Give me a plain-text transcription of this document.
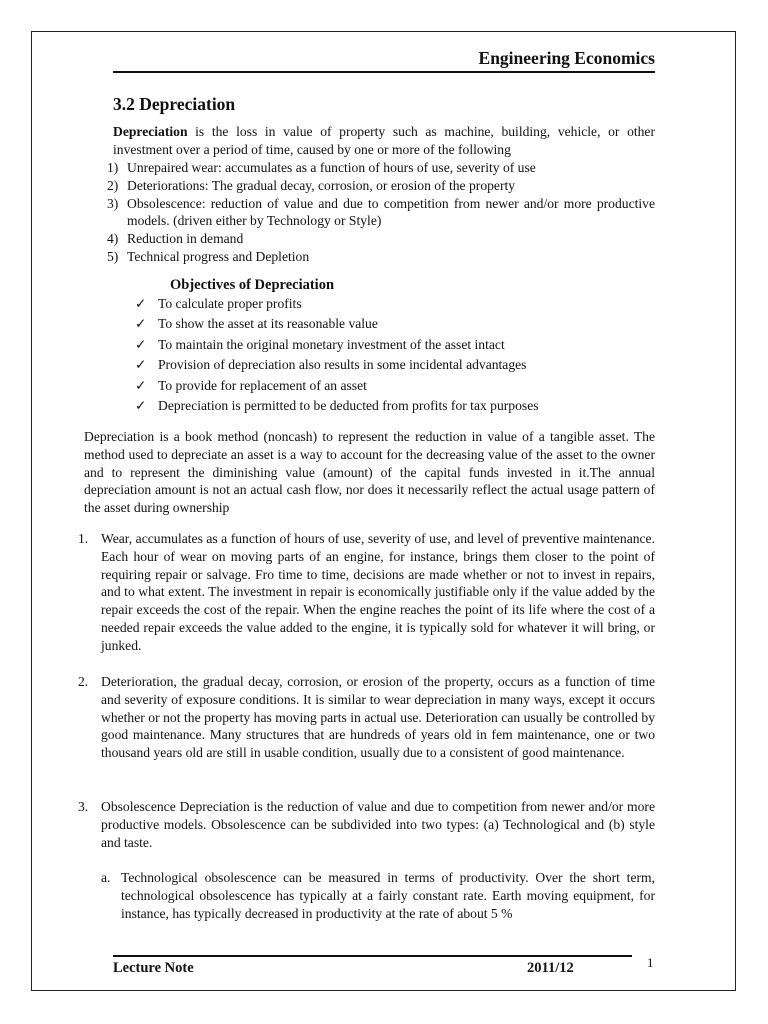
Engineering Economics
3.2 Depreciation

Depreciation is the loss in value of property such as machine, building, vehicle, or other investment over a period of time, caused by one or more of the following

1) Unrepaired wear: accumulates as a function of hours of use, severity of use
2) Deteriorations: The gradual decay, corrosion, or erosion of the property
3) Obsolescence: reduction of value and due to competition from newer and/or more productive models. (driven either by Technology or Style)
4) Reduction in demand
5) Technical progress and Depletion
Objectives of Depreciation
✓ To calculate proper profits
✓ To show the asset at its reasonable value
✓ To maintain the original monetary investment of the asset intact
✓ Provision of depreciation also results in some incidental advantages
✓ To provide for replacement of an asset
✓ Depreciation is permitted to be deducted from profits for tax purposes

Depreciation is a book method (noncash) to represent the reduction in value of a tangible asset. The method used to depreciate an asset is a way to account for the decreasing value of the asset to the owner and to represent the diminishing value (amount) of the capital funds invested in it.The annual depreciation amount is not an actual cash flow, nor does it necessarily reflect the actual usage pattern of the asset during ownership

1. Wear, accumulates as a function of hours of use, severity of use, and level of preventive maintenance. Each hour of wear on moving parts of an engine, for instance, brings them closer to the point of requiring repair or salvage. Fro time to time, decisions are made whether or not to invest in repairs, and to what extent. The investment in repair is economically justifiable only if the value added by the repair exceeds the cost of the repair. When the engine reaches the point of its life where the cost of a needed repair exceeds the value added to the engine, it is typically sold for whatever it will bring, or junked.
2. Deterioration, the gradual decay, corrosion, or erosion of the property, occurs as a function of time and severity of exposure conditions. It is similar to wear depreciation in many ways, except it occurs whether or not the property has moving parts in actual use. Deterioration can usually be controlled by good maintenance. Many structures that are hundreds of years old in fem maintenance, one or two thousand years old are still in usable condition, usually due to a consistent of good maintenance.
3. Obsolescence Depreciation is the reduction of value and due to competition from newer and/or more productive models. Obsolescence can be subdivided into two types: (a) Technological and (b) style and taste.
a. Technological obsolescence can be measured in terms of productivity. Over the short term, technological obsolescence has typically at a fairly constant rate. Earth moving equipment, for instance, has typically decreased in productivity at the rate of about 5 %
Lecture Note	2011/12	1
